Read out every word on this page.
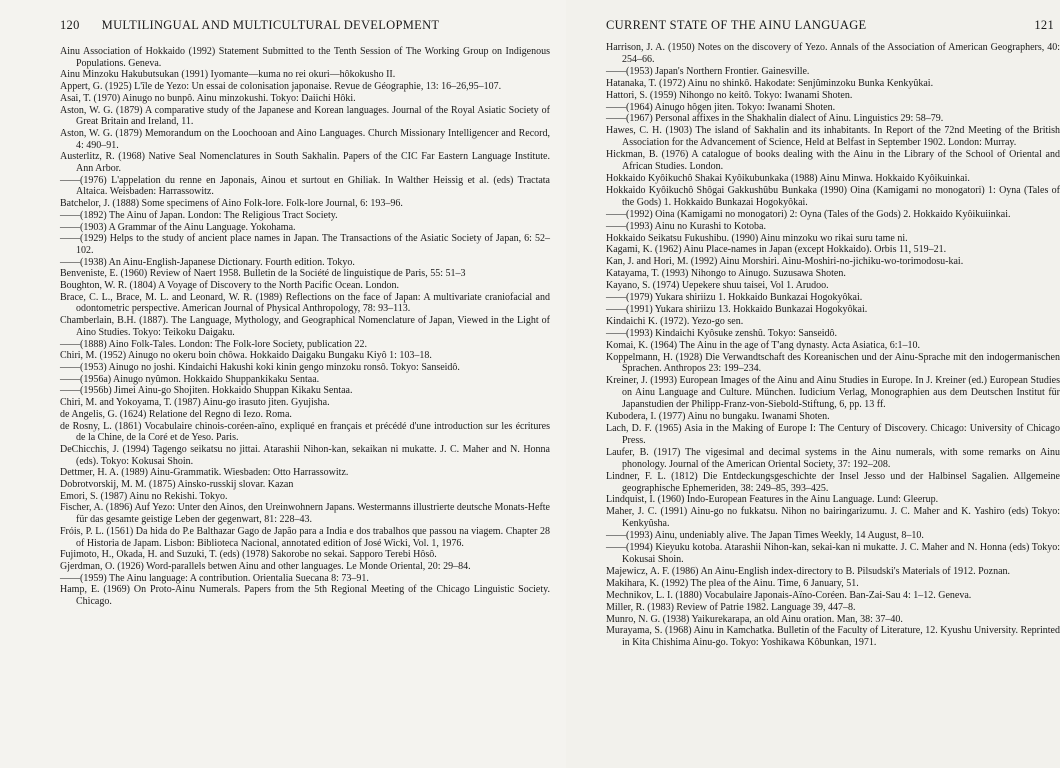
120 MULTILINGUAL AND MULTICULTURAL DEVELOPMENT
Ainu Association of Hokkaido (1992) Statement Submitted to the Tenth Session of The Working Group on Indigenous Populations. Geneva.
Ainu Minzoku Hakubutsukan (1991) Iyomante—kuma no rei okuri—hôkokusho II.
Appert, G. (1925) L'île de Yezo: Un essai de colonisation japonaise. Revue de Géographie, 13: 16–26,95–107.
Asai, T. (1970) Ainugo no bunpô. Ainu minzokushi. Tokyo: Daiichi Hôki.
Aston, W. G. (1879) A comparative study of the Japanese and Korean languages. Journal of the Royal Asiatic Society of Great Britain and Ireland, 11.
Aston, W. G. (1879) Memorandum on the Loochooan and Aino Languages. Church Missionary Intelligencer and Record, 4: 490–91.
Austerlitz, R. (1968) Native Seal Nomenclatures in South Sakhalin. Papers of the CIC Far Eastern Language Institute. Ann Arbor.
——(1976) L'appelation du renne en Japonais, Ainou et surtout en Ghiliak. In Walther Heissig et al. (eds) Tractata Altaica. Weisbaden: Harrassowitz.
Batchelor, J. (1888) Some specimens of Aino Folk-lore. Folk-lore Journal, 6: 193–96.
——(1892) The Ainu of Japan. London: The Religious Tract Society.
——(1903) A Grammar of the Ainu Language. Yokohama.
——(1929) Helps to the study of ancient place names in Japan. The Transactions of the Asiatic Society of Japan, 6: 52–102.
——(1938) An Ainu-English-Japanese Dictionary. Fourth edition. Tokyo.
Benveniste, E. (1960) Review of Naert 1958. Bulletin de la Société de linguistique de Paris, 55: 51–3
Boughton, W. R. (1804) A Voyage of Discovery to the North Pacific Ocean. London.
Brace, C. L., Brace, M. L. and Leonard, W. R. (1989) Reflections on the face of Japan: A multivariate craniofacial and odontometric perspective. American Journal of Physical Anthropology, 78: 93–113.
Chamberlain, B.H. (1887). The Language, Mythology, and Geographical Nomenclature of Japan, Viewed in the Light of Aino Studies. Tokyo: Teikoku Daigaku.
——(1888) Aino Folk-Tales. London: The Folk-lore Society, publication 22.
Chiri, M. (1952) Ainugo no okeru boin chôwa. Hokkaido Daigaku Bungaku Kiyô 1: 103–18.
——(1953) Ainugo no joshi. Kindaichi Hakushi koki kinin gengo minzoku ronsô. Tokyo: Sanseidô.
——(1956a) Ainugo nyûmon. Hokkaido Shuppankikaku Sentaa.
——(1956b) Jimei Ainu-go Shojiten. Hokkaido Shuppan Kikaku Sentaa.
Chiri, M. and Yokoyama, T. (1987) Ainu-go irasuto jiten. Gyujisha.
de Angelis, G. (1624) Relatione del Regno di Iezo. Roma.
de Rosny, L. (1861) Vocabulaire chinois-coréen-aïno, expliqué en français et précédé d'une introduction sur les écritures de la Chine, de la Coré et de Yeso. Paris.
DeChicchis, J. (1994) Tagengo seikatsu no jittai. Atarashii Nihon-kan, sekaikan ni mukatte. J. C. Maher and N. Honna (eds). Tokyo: Kokusai Shoin.
Dettmer, H. A. (1989) Ainu-Grammatik. Wiesbaden: Otto Harrassowitz.
Dobrotvorskij, M. M. (1875) Ainsko-russkij slovar. Kazan
Emori, S. (1987) Ainu no Rekishi. Tokyo.
Fischer, A. (1896) Auf Yezo: Unter den Ainos, den Ureinwohnern Japans. Westermanns illustrierte deutsche Monats-Hefte für das gesamte geistige Leben der gegenwart, 81: 228–43.
Fróis, P. L. (1561) Da hida do P.e Balthazar Gago de Japão para a India e dos trabalhos que passou na viagem. Chapter 28 of Historia de Japam. Lisbon: Biblioteca Nacional, annotated edition of José Wicki, Vol. 1, 1976.
Fujimoto, H., Okada, H. and Suzuki, T. (eds) (1978) Sakorobe no sekai. Sapporo Terebi Hôsô.
Gjerdman, O. (1926) Word-parallels betwen Ainu and other languages. Le Monde Oriental, 20: 29–84.
——(1959) The Ainu language: A contribution. Orientalia Suecana 8: 73–91.
Hamp, E. (1969) On Proto-Ainu Numerals. Papers from the 5th Regional Meeting of the Chicago Linguistic Society. Chicago.
CURRENT STATE OF THE AINU LANGUAGE	121
Harrison, J. A. (1950) Notes on the discovery of Yezo. Annals of the Association of American Geographers, 40: 254–66.
——(1953) Japan's Northern Frontier. Gainesville.
Hatanaka, T. (1972) Ainu no shinkô. Hakodate: Senjûminzoku Bunka Kenkyûkai.
Hattori, S. (1959) Nihongo no keitô. Tokyo: Iwanami Shoten.
——(1964) Ainugo hôgen jiten. Tokyo: Iwanami Shoten.
——(1967) Personal affixes in the Shakhalin dialect of Ainu. Linguistics 29: 58–79.
Hawes, C. H. (1903) The island of Sakhalin and its inhabitants. In Report of the 72nd Meeting of the British Association for the Advancement of Science, Held at Belfast in September 1902. London: Murray.
Hickman, B. (1976) A catalogue of books dealing with the Ainu in the Library of the School of Oriental and African Studies. London.
Hokkaido Kyôikuchô Shakai Kyôikubunkaka (1988) Ainu Minwa. Hokkaido Kyôikuinkai.
Hokkaido Kyôikuchô Shôgai Gakkushûbu Bunkaka (1990) Oina (Kamigami no monogatori) 1: Oyna (Tales of the Gods) 1. Hokkaido Bunkazai Hogokyôkai.
——(1992) Oina (Kamigami no monogatori) 2: Oyna (Tales of the Gods) 2. Hokkaido Kyôikuiinkai.
——(1993) Ainu no Kurashi to Kotoba.
Hokkaido Seikatsu Fukushibu. (1990) Ainu minzoku wo rikai suru tame ni.
Kagami, K. (1962) Ainu Place-names in Japan (except Hokkaido). Orbis 11, 519–21.
Kan, J. and Hori, M. (1992) Ainu Morshiri. Ainu-Moshiri-no-jichiku-wo-torimodosu-kai.
Katayama, T. (1993) Nihongo to Ainugo. Suzusawa Shoten.
Kayano, S. (1974) Uepekere shuu taisei, Vol 1. Arudoo.
——(1979) Yukara shiriizu 1. Hokkaido Bunkazai Hogokyôkai.
——(1991) Yukara shiriizu 13. Hokkaido Bunkazai Hogokyôkai.
Kindaichi K. (1972). Yezo-go sen.
——(1993) Kindaichi Kyôsuke zenshû. Tokyo: Sanseidô.
Komai, K. (1964) The Ainu in the age of T'ang dynasty. Acta Asiatica, 6:1–10.
Koppelmann, H. (1928) Die Verwandtschaft des Koreanischen und der Ainu-Sprache mit den indogermanischen Sprachen. Anthropos 23: 199–234.
Kreiner, J. (1993) European Images of the Ainu and Ainu Studies in Europe. In J. Kreiner (ed.) European Studies on Ainu Language and Culture. München. Iudicium Verlag, Monographien aus dem Deutschen Institut für Japanstudien der Philipp-Franz-von-Siebold-Stiftung, 6, pp. 13 ff.
Kubodera, I. (1977) Ainu no bungaku. Iwanami Shoten.
Lach, D. F. (1965) Asia in the Making of Europe I: The Century of Discovery. Chicago: University of Chicago Press.
Laufer, B. (1917) The vigesimal and decimal systems in the Ainu numerals, with some remarks on Ainu phonology. Journal of the American Oriental Society, 37: 192–208.
Lindner, F. L. (1812) Die Entdeckungsgeschichte der Insel Jesso und der Halbinsel Sagalien. Allgemeine geographische Ephemeriden, 38: 249–85, 393–425.
Lindquist, I. (1960) Indo-European Features in the Ainu Language. Lund: Gleerup.
Maher, J. C. (1991) Ainu-go no fukkatsu. Nihon no bairingarizumu. J. C. Maher and K. Yashiro (eds) Tokyo: Kenkyûsha.
——(1993) Ainu, undeniably alive. The Japan Times Weekly, 14 August, 8–10.
——(1994) Kieyuku kotoba. Atarashii Nihon-kan, sekai-kan ni mukatte. J. C. Maher and N. Honna (eds) Tokyo: Kokusai Shoin.
Majewicz, A. F. (1986) An Ainu-English index-directory to B. Pilsudski's Materials of 1912. Poznan.
Makihara, K. (1992) The plea of the Ainu. Time, 6 January, 51.
Mechnikov, L. I. (1880) Vocabulaire Japonais-Aïno-Coréen. Ban-Zai-Sau 4: 1–12. Geneva.
Miller, R. (1983) Review of Patrie 1982. Language 39, 447–8.
Munro, N. G. (1938) Yaikurekarapa, an old Ainu oration. Man, 38: 37–40.
Murayama, S. (1968) Ainu in Kamchatka. Bulletin of the Faculty of Literature, 12. Kyushu University. Reprinted in Kita Chishima Ainu-go. Tokyo: Yoshikawa Kôbunkan, 1971.
